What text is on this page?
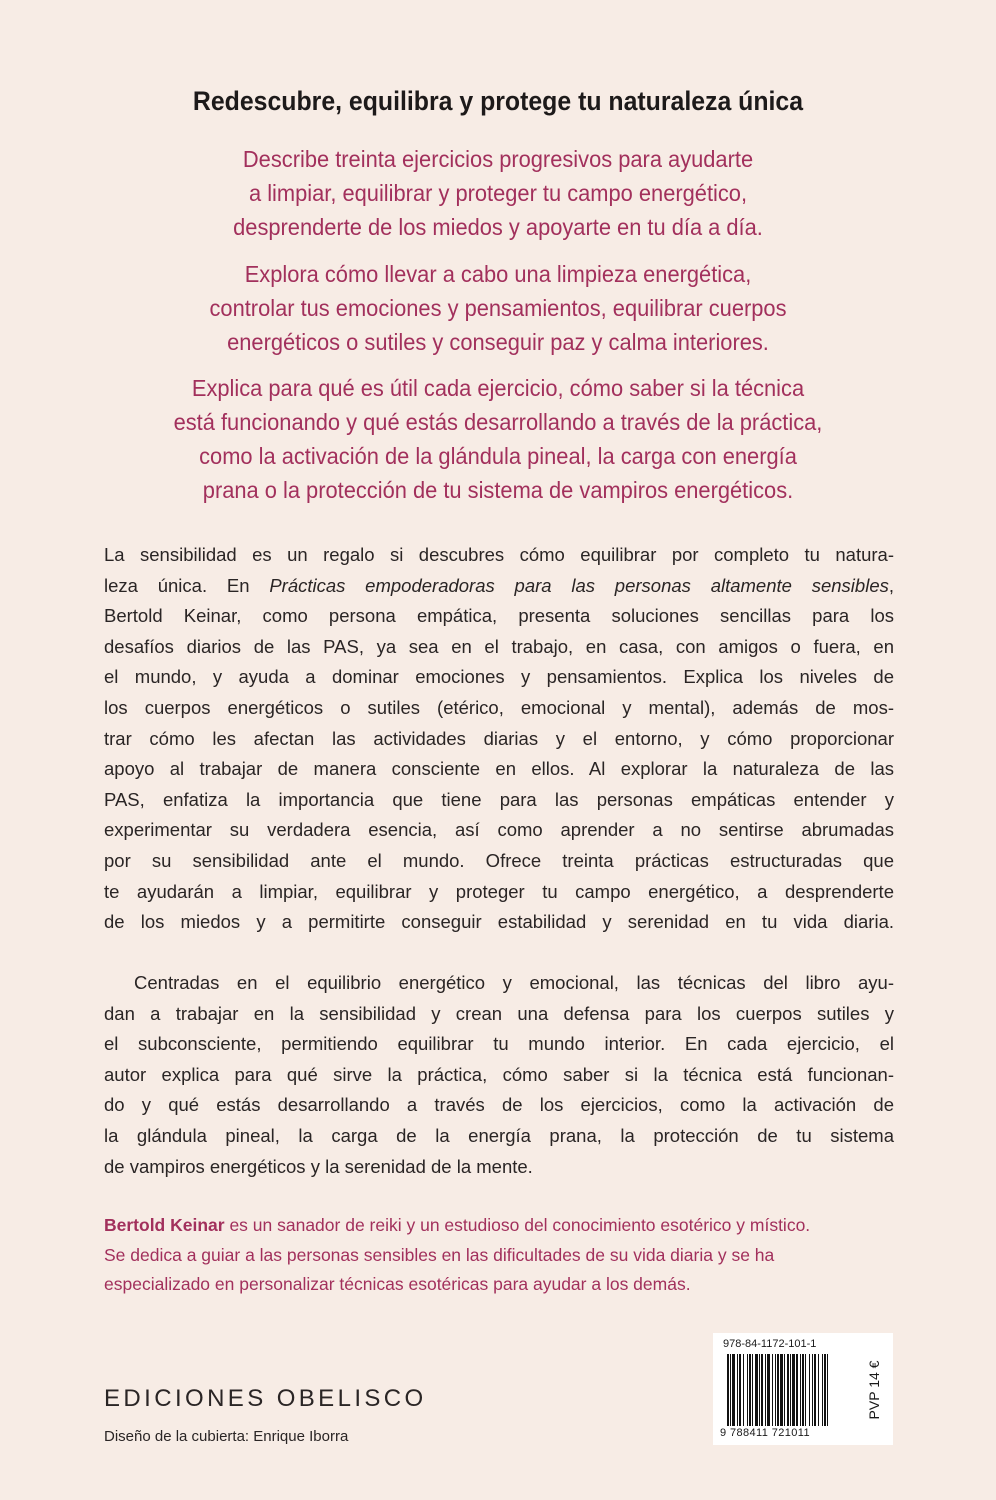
Redescubre, equilibra y protege tu naturaleza única
Describe treinta ejercicios progresivos para ayudarte
a limpiar, equilibrar y proteger tu campo energético,
desprenderte de los miedos y apoyarte en tu día a día.
Explora cómo llevar a cabo una limpieza energética,
controlar tus emociones y pensamientos, equilibrar cuerpos
energéticos o sutiles y conseguir paz y calma interiores.
Explica para qué es útil cada ejercicio, cómo saber si la técnica
está funcionando y qué estás desarrollando a través de la práctica,
como la activación de la glándula pineal, la carga con energía
prana o la protección de tu sistema de vampiros energéticos.
La sensibilidad es un regalo si descubres cómo equilibrar por completo tu natura-
leza única. En Prácticas empoderadoras para las personas altamente sensibles,
Bertold Keinar, como persona empática, presenta soluciones sencillas para los
desafíos diarios de las PAS, ya sea en el trabajo, en casa, con amigos o fuera, en
el mundo, y ayuda a dominar emociones y pensamientos. Explica los niveles de
los cuerpos energéticos o sutiles (etérico, emocional y mental), además de mos-
trar cómo les afectan las actividades diarias y el entorno, y cómo proporcionar
apoyo al trabajar de manera consciente en ellos. Al explorar la naturaleza de las
PAS, enfatiza la importancia que tiene para las personas empáticas entender y
experimentar su verdadera esencia, así como aprender a no sentirse abrumadas
por su sensibilidad ante el mundo. Ofrece treinta prácticas estructuradas que
te ayudarán a limpiar, equilibrar y proteger tu campo energético, a desprenderte
de los miedos y a permitirte conseguir estabilidad y serenidad en tu vida diaria.
Centradas en el equilibrio energético y emocional, las técnicas del libro ayu-
dan a trabajar en la sensibilidad y crean una defensa para los cuerpos sutiles y
el subconsciente, permitiendo equilibrar tu mundo interior. En cada ejercicio, el
autor explica para qué sirve la práctica, cómo saber si la técnica está funcionan-
do y qué estás desarrollando a través de los ejercicios, como la activación de
la glándula pineal, la carga de la energía prana, la protección de tu sistema
de vampiros energéticos y la serenidad de la mente.
Bertold Keinar es un sanador de reiki y un estudioso del conocimiento esotérico y místico.
Se dedica a guiar a las personas sensibles en las dificultades de su vida diaria y se ha
especializado en personalizar técnicas esotéricas para ayudar a los demás.
EDICIONES OBELISCO
Diseño de la cubierta: Enrique Iborra
978-84-1172-101-1
9 788411 721011
PVP 14 €
